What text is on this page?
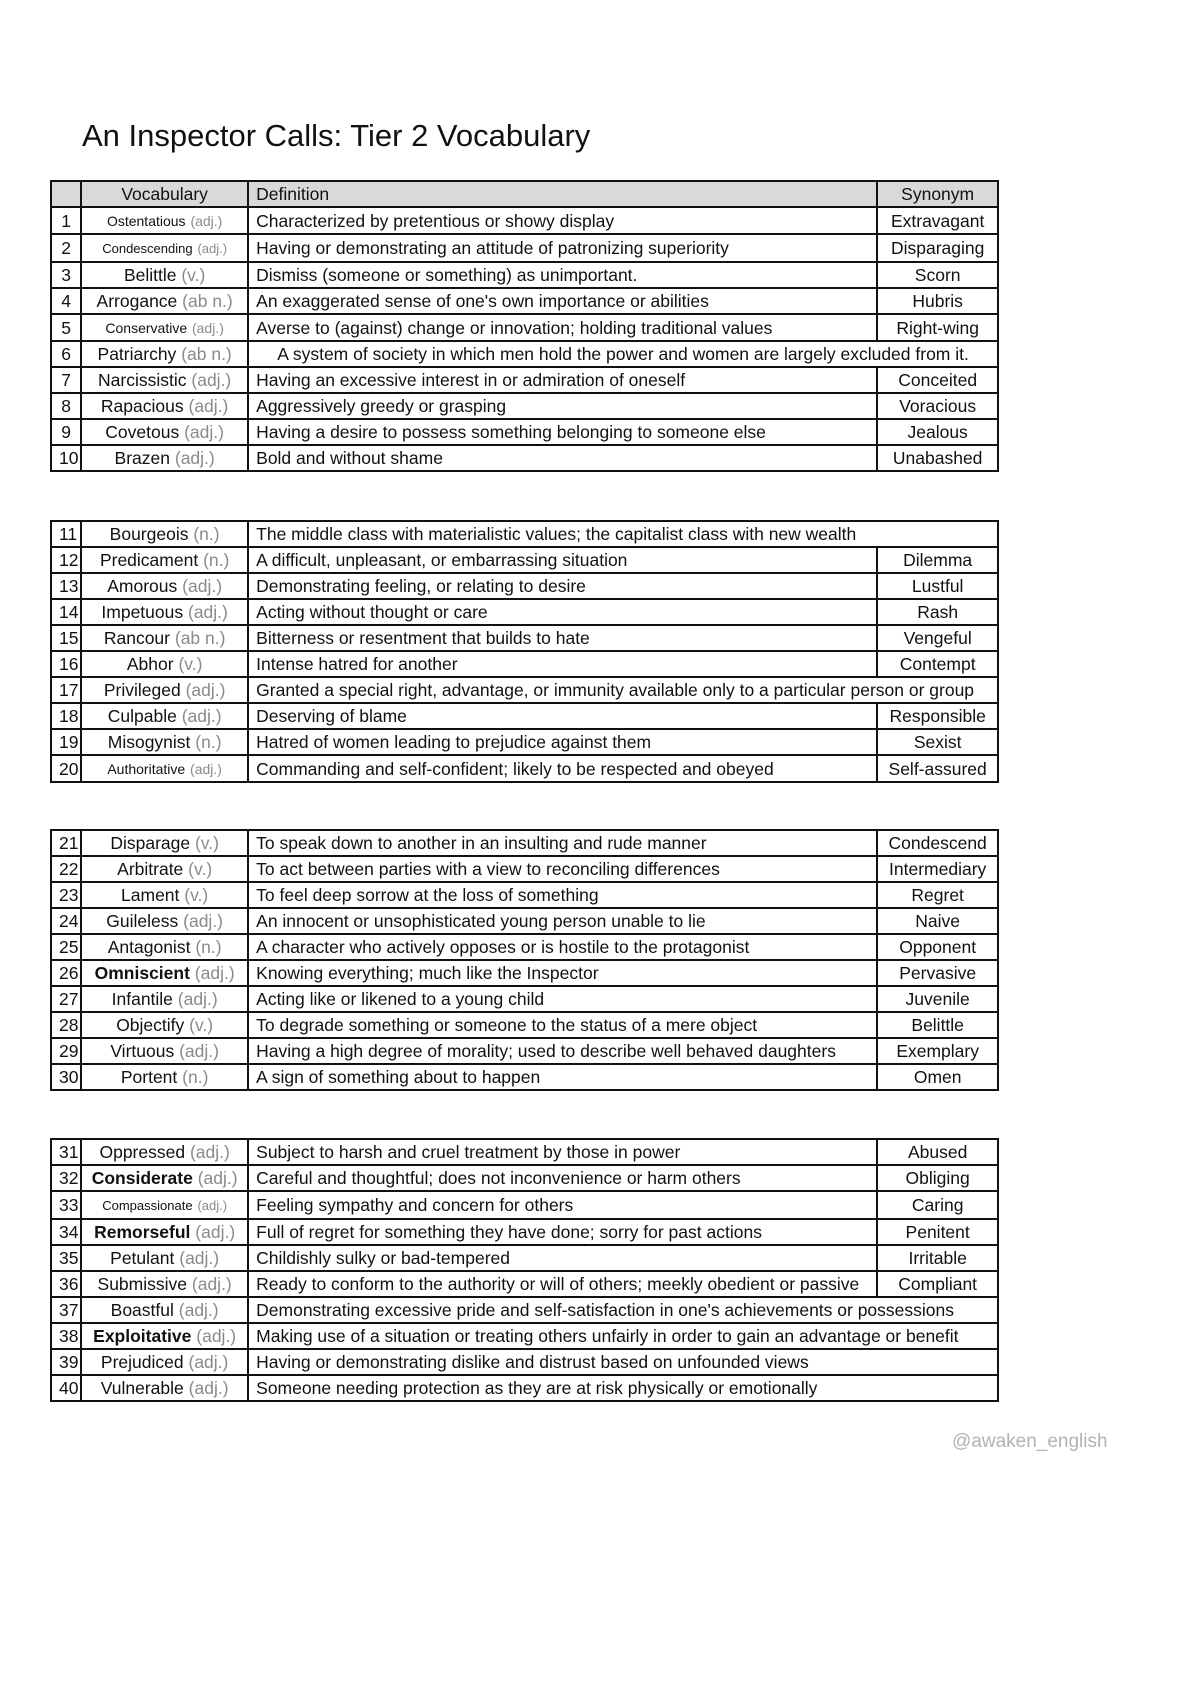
An Inspector Calls: Tier 2 Vocabulary
	Vocabulary	Definition	Synonym
1	Ostentatious (adj.)	Characterized by pretentious or showy display	Extravagant
2	Condescending (adj.)	Having or demonstrating an attitude of patronizing superiority	Disparaging
3	Belittle (v.)	Dismiss (someone or something) as unimportant.	Scorn
4	Arrogance (ab n.)	An exaggerated sense of one's own importance or abilities	Hubris
5	Conservative (adj.)	Averse to (against) change or innovation; holding traditional values	Right-wing
6	Patriarchy (ab n.)	A system of society in which men hold the power and women are largely excluded from it.	
7	Narcissistic (adj.)	Having an excessive interest in or admiration of oneself	Conceited
8	Rapacious (adj.)	Aggressively greedy or grasping	Voracious
9	Covetous (adj.)	Having a desire to possess something belonging to someone else	Jealous
10	Brazen (adj.)	Bold and without shame	Unabashed
11	Bourgeois (n.)	The middle class with materialistic values; the capitalist class with new wealth	
12	Predicament (n.)	A difficult, unpleasant, or embarrassing situation	Dilemma
13	Amorous (adj.)	Demonstrating feeling, or relating to desire	Lustful
14	Impetuous (adj.)	Acting without thought or care	Rash
15	Rancour (ab n.)	Bitterness or resentment that builds to hate	Vengeful
16	Abhor (v.)	Intense hatred for another	Contempt
17	Privileged (adj.)	Granted a special right, advantage, or immunity available only to a particular person or group	
18	Culpable (adj.)	Deserving of blame	Responsible
19	Misogynist (n.)	Hatred of women leading to prejudice against them	Sexist
20	Authoritative (adj.)	Commanding and self-confident; likely to be respected and obeyed	Self-assured
21	Disparage (v.)	To speak down to another in an insulting and rude manner	Condescend
22	Arbitrate (v.)	To act between parties with a view to reconciling differences	Intermediary
23	Lament (v.)	To feel deep sorrow at the loss of something	Regret
24	Guileless (adj.)	An innocent or unsophisticated young person unable to lie	Naive
25	Antagonist (n.)	A character who actively opposes or is hostile to the protagonist	Opponent
26	Omniscient (adj.)	Knowing everything; much like the Inspector	Pervasive
27	Infantile (adj.)	Acting like or likened to a young child	Juvenile
28	Objectify (v.)	To degrade something or someone to the status of a mere object	Belittle
29	Virtuous (adj.)	Having a high degree of morality; used to describe well behaved daughters	Exemplary
30	Portent (n.)	A sign of something about to happen	Omen
31	Oppressed (adj.)	Subject to harsh and cruel treatment by those in power	Abused
32	Considerate (adj.)	Careful and thoughtful; does not inconvenience or harm others	Obliging
33	Compassionate (adj.)	Feeling sympathy and concern for others	Caring
34	Remorseful (adj.)	Full of regret for something they have done; sorry for past actions	Penitent
35	Petulant (adj.)	Childishly sulky or bad-tempered	Irritable
36	Submissive (adj.)	Ready to conform to the authority or will of others; meekly obedient or passive	Compliant
37	Boastful (adj.)	Demonstrating excessive pride and self-satisfaction in one's achievements or possessions	
38	Exploitative (adj.)	Making use of a situation or treating others unfairly in order to gain an advantage or benefit	
39	Prejudiced (adj.)	Having or demonstrating dislike and distrust based on unfounded views	
40	Vulnerable (adj.)	Someone needing protection as they are at risk physically or emotionally	
@awaken_english
